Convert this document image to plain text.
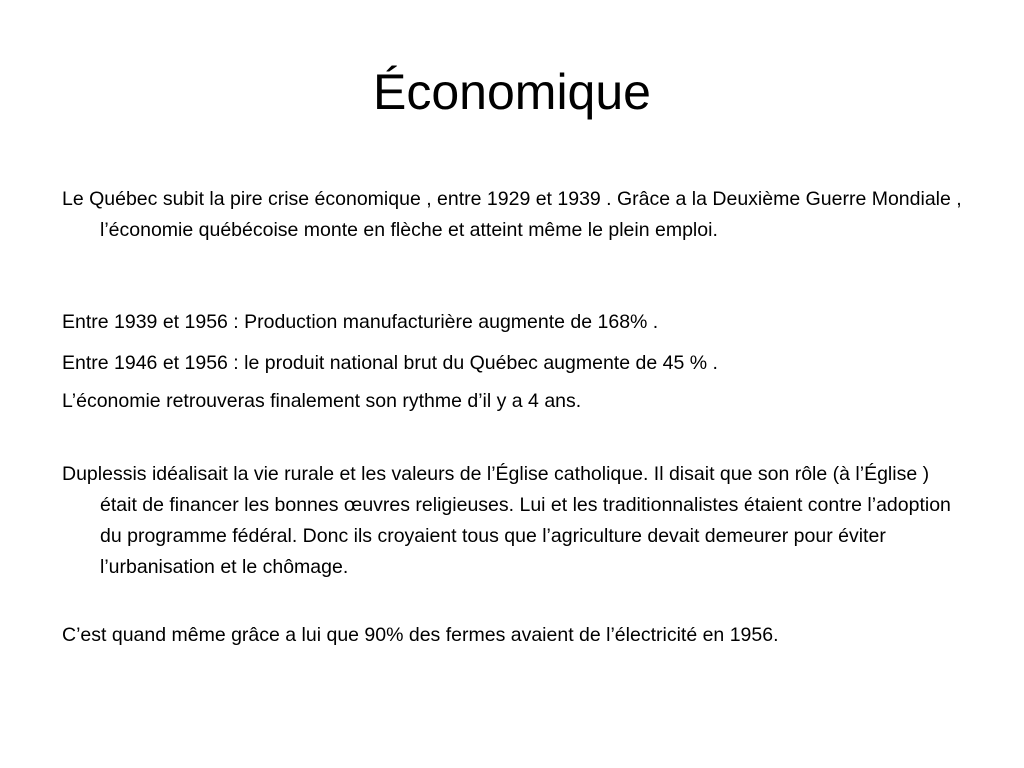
Économique

Le Québec subit la pire crise économique , entre 1929 et 1939 . Grâce a la Deuxième Guerre Mondiale , l’économie québécoise monte en flèche et atteint même le plein emploi.

Entre 1939 et 1956 : Production manufacturière augmente de 168% .

Entre 1946 et 1956 : le produit national brut du Québec augmente de 45 % .

L’économie retrouveras finalement son rythme d’il y a 4 ans.

Duplessis idéalisait la vie rurale et les valeurs de l’Église catholique. Il disait que son rôle (à l’Église ) était de financer les bonnes œuvres religieuses. Lui et les traditionnalistes étaient contre l’adoption du programme fédéral. Donc ils croyaient tous que l’agriculture devait demeurer pour éviter l’urbanisation et le chômage.

C’est quand même grâce a lui que 90% des fermes avaient de l’électricité en 1956.
